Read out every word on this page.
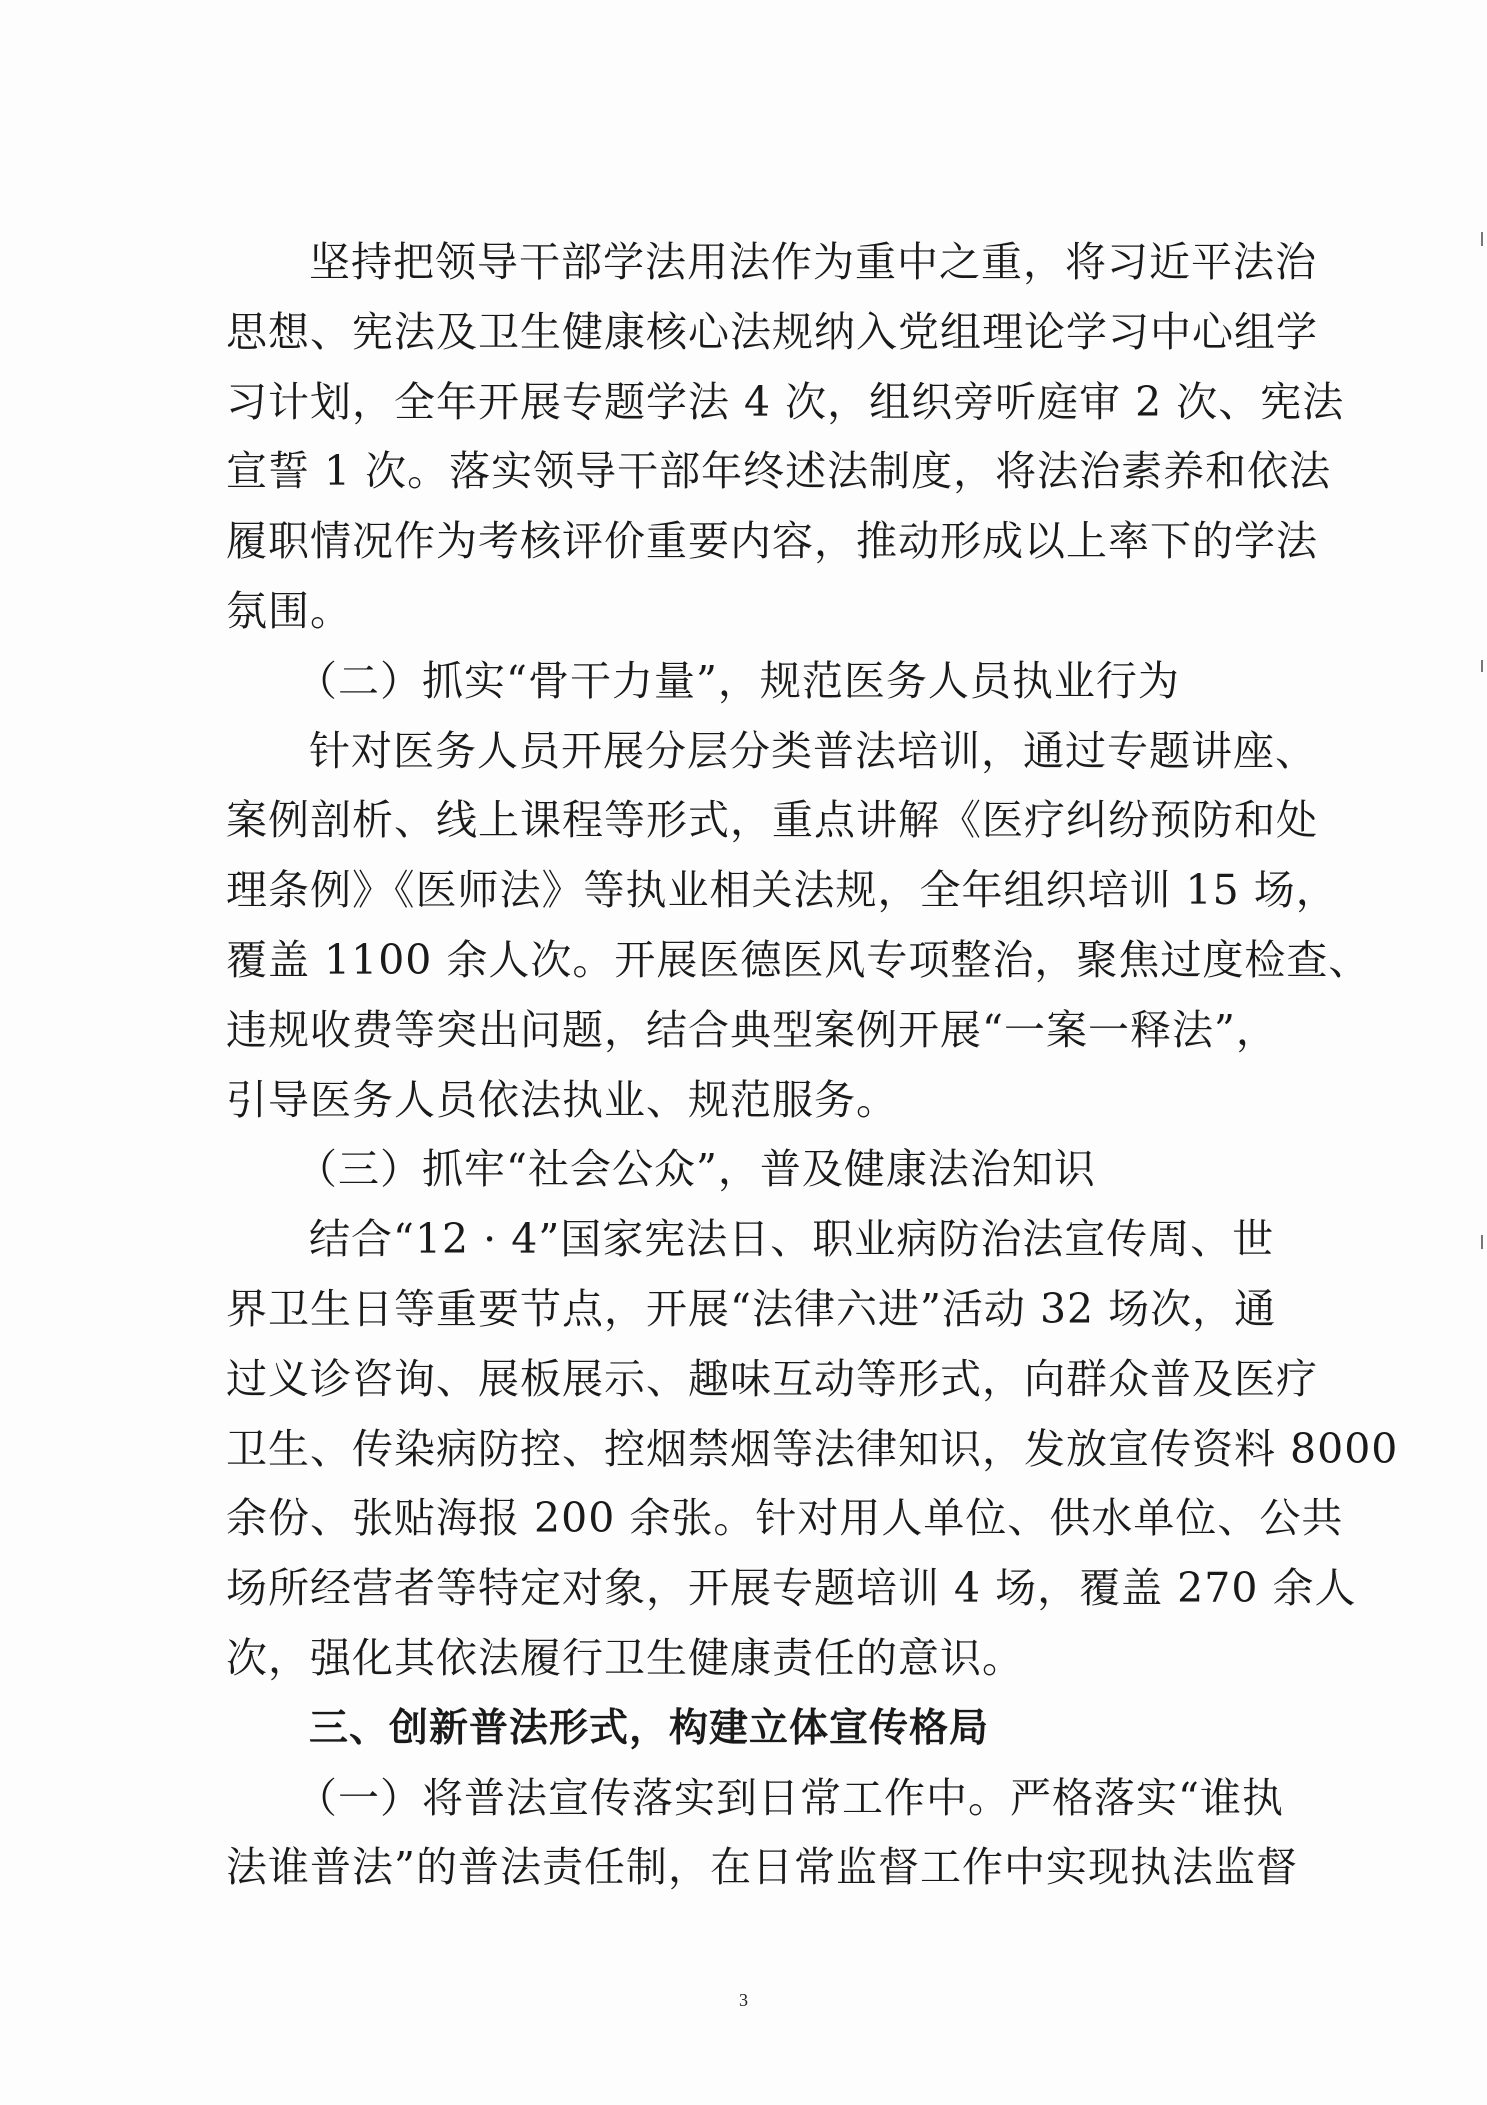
坚持把领导干部学法用法作为重中之重，将习近平法治
思想、宪法及卫生健康核心法规纳入党组理论学习中心组学
习计划，全年开展专题学法 4 次，组织旁听庭审 2 次、宪法
宣誓 1 次。落实领导干部年终述法制度，将法治素养和依法
履职情况作为考核评价重要内容，推动形成以上率下的学法
氛围。
（二）抓实“骨干力量”，规范医务人员执业行为
针对医务人员开展分层分类普法培训，通过专题讲座、
案例剖析、线上课程等形式，重点讲解《医疗纠纷预防和处
理条例》《医师法》等执业相关法规，全年组织培训 15 场，
覆盖 1100 余人次。开展医德医风专项整治，聚焦过度检查、
违规收费等突出问题，结合典型案例开展“一案一释法”，
引导医务人员依法执业、规范服务。
（三）抓牢“社会公众”，普及健康法治知识
结合“12 · 4”国家宪法日、职业病防治法宣传周、世
界卫生日等重要节点，开展“法律六进”活动 32 场次，通
过义诊咨询、展板展示、趣味互动等形式，向群众普及医疗
卫生、传染病防控、控烟禁烟等法律知识，发放宣传资料 8000
余份、张贴海报 200 余张。针对用人单位、供水单位、公共
场所经营者等特定对象，开展专题培训 4 场，覆盖 270 余人
次，强化其依法履行卫生健康责任的意识。
三、创新普法形式，构建立体宣传格局
（一）将普法宣传落实到日常工作中。严格落实“谁执
法谁普法”的普法责任制，在日常监督工作中实现执法监督
3
